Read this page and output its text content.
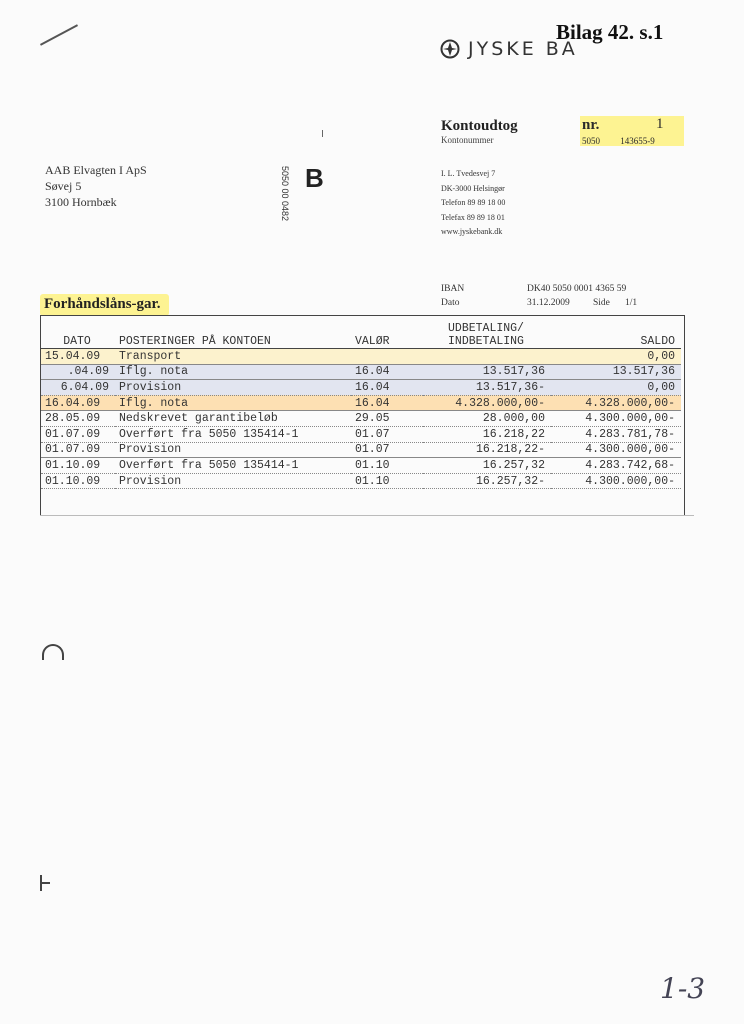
Bilag 42. s.1
JYSKE BA
Kontoudtog
Kontonummer
nr.	1
5050 143655-9
AAB Elvagten I ApS
Søvej 5
3100 Hornbæk	5050 00 0482 B	I. L. Tvedesvej 7
DK-3000 Helsingør
Telefon 89 89 18 00
Telefax 89 89 18 01
www.jyskebank.dk
IBAN	DK40 5050 0001 4365 59
Dato	31.12.2009 Side 1/1
Forhåndslåns-gar.
DATO	POSTERINGER PÅ KONTOEN	VALØR	UDBETALING/
INDBETALING	SALDO
15.04.09	Transport			0,00
.04.09	Iflg. nota	16.04	13.517,36	13.517,36
6.04.09	Provision	16.04	13.517,36-	0,00
16.04.09	Iflg. nota	16.04	4.328.000,00-	4.328.000,00-
28.05.09	Nedskrevet garantibeløb	29.05	28.000,00	4.300.000,00-
01.07.09	Overført fra 5050 135414-1	01.07	16.218,22	4.283.781,78-
01.07.09	Provision	01.07	16.218,22-	4.300.000,00-
01.10.09	Overført fra 5050 135414-1	01.10	16.257,32	4.283.742,68-
01.10.09	Provision	01.10	16.257,32-	4.300.000,00-
1-3
